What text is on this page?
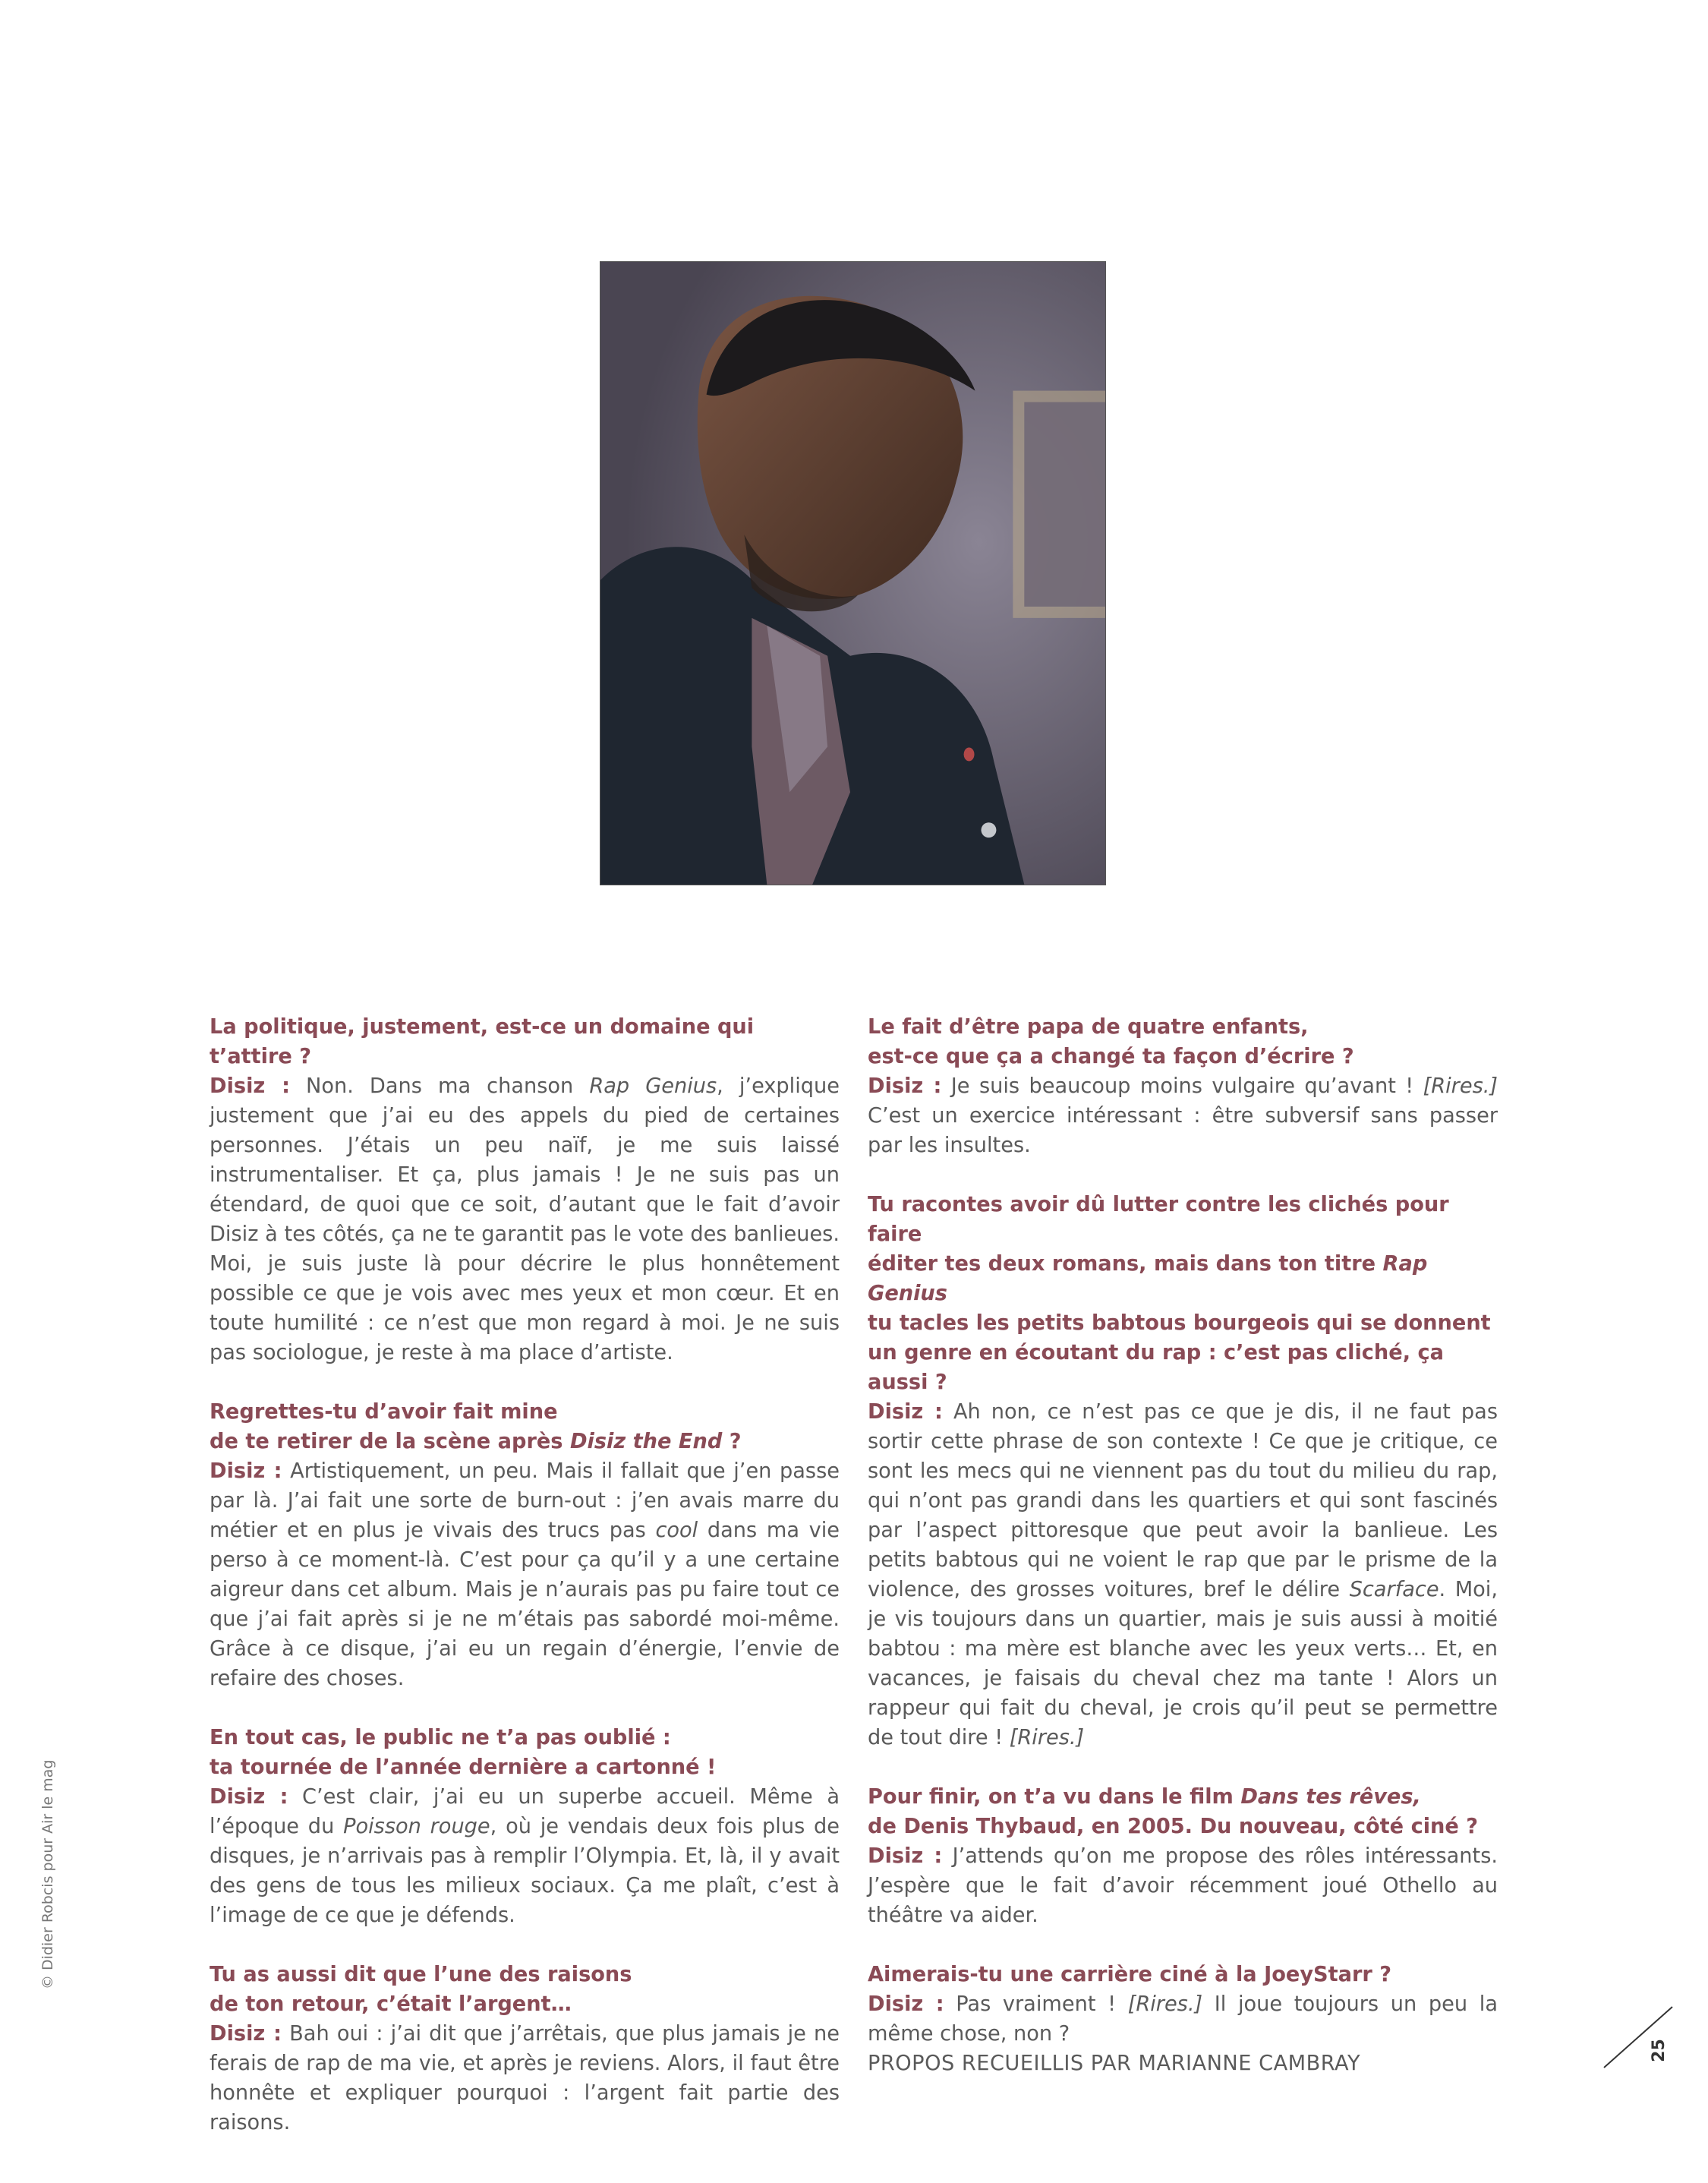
La politique, justement, est-ce un domaine qui t’attire ?

Disiz : Non. Dans ma chanson Rap Genius, j’explique justement que j’ai eu des appels du pied de certaines personnes. J’étais un peu naïf, je me suis laissé instrumentaliser. Et ça, plus jamais ! Je ne suis pas un étendard, de quoi que ce soit, d’autant que le fait d’avoir Disiz à tes côtés, ça ne te garantit pas le vote des banlieues. Moi, je suis juste là pour décrire le plus honnêtement possible ce que je vois avec mes yeux et mon cœur. Et en toute humilité : ce n’est que mon regard à moi. Je ne suis pas sociologue, je reste à ma place d’artiste.

Regrettes-tu d’avoir fait mine
de te retirer de la scène après Disiz the End ?

Disiz : Artistiquement, un peu. Mais il fallait que j’en passe par là. J’ai fait une sorte de burn-out : j’en avais marre du métier et en plus je vivais des trucs pas cool dans ma vie perso à ce moment-là. C’est pour ça qu’il y a une certaine aigreur dans cet album. Mais je n’aurais pas pu faire tout ce que j’ai fait après si je ne m’étais pas sabordé moi-même. Grâce à ce disque, j’ai eu un regain d’énergie, l’envie de refaire des choses.

En tout cas, le public ne t’a pas oublié :
ta tournée de l’année dernière a cartonné !

Disiz : C’est clair, j’ai eu un superbe accueil. Même à l’époque du Poisson rouge, où je vendais deux fois plus de disques, je n’arrivais pas à remplir l’Olympia. Et, là, il y avait des gens de tous les milieux sociaux. Ça me plaît, c’est à l’image de ce que je défends.

Tu as aussi dit que l’une des raisons
de ton retour, c’était l’argent…

Disiz : Bah oui : j’ai dit que j’arrêtais, que plus jamais je ne ferais de rap de ma vie, et après je reviens. Alors, il faut être honnête et expliquer pourquoi : l’argent fait partie des raisons.

Le fait d’être papa de quatre enfants,
est-ce que ça a changé ta façon d’écrire ?

Disiz : Je suis beaucoup moins vulgaire qu’avant ! [Rires.] C’est un exercice intéressant : être subversif sans passer par les insultes.

Tu racontes avoir dû lutter contre les clichés pour faire
éditer tes deux romans, mais dans ton titre Rap Genius
tu tacles les petits babtous bourgeois qui se donnent
un genre en écoutant du rap : c’est pas cliché, ça aussi ?

Disiz : Ah non, ce n’est pas ce que je dis, il ne faut pas sortir cette phrase de son contexte ! Ce que je critique, ce sont les mecs qui ne viennent pas du tout du milieu du rap, qui n’ont pas grandi dans les quartiers et qui sont fascinés par l’aspect pittoresque que peut avoir la banlieue. Les petits babtous qui ne voient le rap que par le prisme de la violence, des grosses voitures, bref le délire Scarface. Moi, je vis toujours dans un quartier, mais je suis aussi à moitié babtou : ma mère est blanche avec les yeux verts… Et, en vacances, je faisais du cheval chez ma tante ! Alors un rappeur qui fait du cheval, je crois qu’il peut se permettre de tout dire ! [Rires.]

Pour finir, on t’a vu dans le film Dans tes rêves,
de Denis Thybaud, en 2005. Du nouveau, côté ciné ?

Disiz : J’attends qu’on me propose des rôles intéressants. J’espère que le fait d’avoir récemment joué Othello au théâtre va aider.

Aimerais-tu une carrière ciné à la JoeyStarr ?

Disiz : Pas vraiment ! [Rires.] Il joue toujours un peu la même chose, non ?

PROPOS RECUEILLIS PAR MARIANNE CAMBRAY

© Didier Robcis pour Air le mag
25
